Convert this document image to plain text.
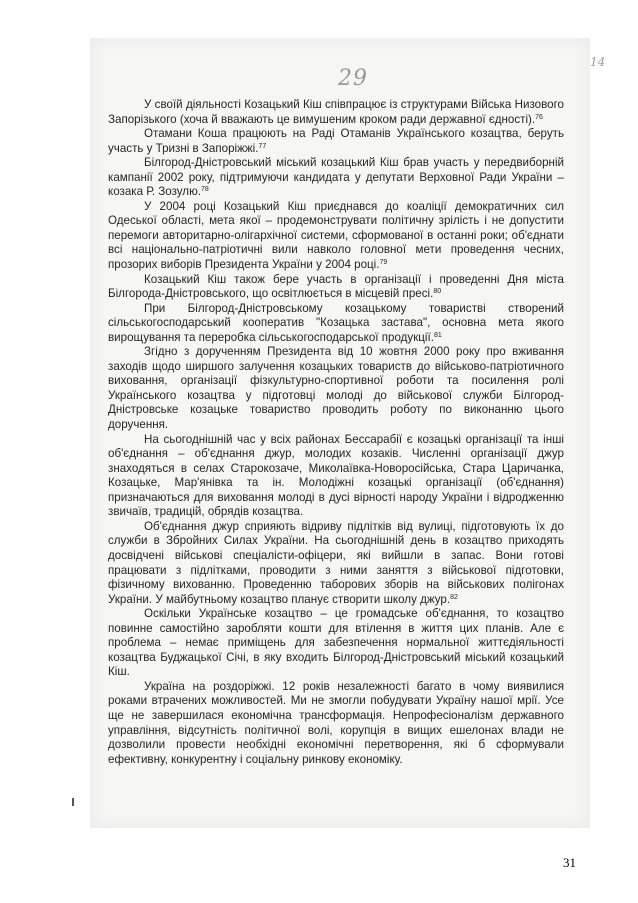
29
14

У своїй діяльності Козацький Кіш співпрацює із структурами Війська Низового Запорізького (хоча й вважають це вимушеним кроком ради державної єдності).$^{76}$

Отамани Коша працюють на Раді Отаманів Українського козацтва, беруть участь у Тризні в Запоріжжі.$^{77}$

Білгород-Дністровський міський козацький Кіш брав участь у передвиборній кампанії 2002 року, підтримуючи кандидата у депутати Верховної Ради України – козака Р. Зозулю.$^{78}$

У 2004 році Козацький Кіш приєднався до коаліції демократичних сил Одеської області, мета якої – продемонструвати політичну зрілість і не допустити перемоги авторитарно-олігархічної системи, сформованої в останні роки; об'єднати всі національно-патріотичні вили навколо головної мети проведення чесних, прозорих виборів Президента України у 2004 році.$^{79}$

Козацький Кіш також бере участь в організації і проведенні Дня міста Білгорода-Дністровського, що освітлюється в місцевій пресі.$^{80}$

При Білгород-Дністровському козацькому товаристві створений сільськогосподарський кооператив "Козацька застава", основна мета якого вирощування та переробка сільськогосподарської продукції.$^{81}$

Згідно з дорученням Президента від 10 жовтня 2000 року про вживання заходів щодо ширшого залучення козацьких товариств до військово-патріотичного виховання, організації фізкультурно-спортивної роботи та посилення ролі Українського козацтва у підготовці молоді до військової служби Білгород-Дністровське козацьке товариство проводить роботу по виконанню цього доручення.

На сьогоднішній час у всіх районах Бессарабії є козацькі організації та інші об'єднання – об'єднання джур, молодих козаків. Численні організації джур знаходяться в селах Старокозаче, Миколаївка-Новоросійська, Стара Царичанка, Козацьке, Мар'янівка та ін. Молодіжні козацькі організації (об'єднання) призначаються для виховання молоді в дусі вірності народу України і відродженню звичаїв, традицій, обрядів козацтва.

Об'єднання джур сприяють відриву підлітків від вулиці, підготовують їх до служби в Збройних Силах України. На сьогоднішній день в козацтво приходять досвідчені військові спеціалісти-офіцери, які вийшли в запас. Вони готові працювати з підлітками, проводити з ними заняття з військової підготовки, фізичному вихованню. Проведенню таборових зборів на військових полігонах України. У майбутньому козацтво планує створити школу джур.$^{82}$

Оскільки Українське козацтво – це громадське об'єднання, то козацтво повинне самостійно заробляти кошти для втілення в життя цих планів. Але є проблема – немає приміщень для забезпечення нормальної життєдіяльності козацтва Буджацької Січі, в яку входить Білгород-Дністровський міський козацький Кіш.

Україна на роздоріжжі. 12 років незалежності багато в чому виявилися роками втрачених можливостей. Ми не змогли побудувати Україну нашої мрії. Усе ще не завершилася економічна трансформація. Непрофесіоналізм державного управління, відсутність політичної волі, корупція в вищих ешелонах влади не дозволили провести необхідні економічні перетворення, які б сформували ефективну, конкурентну і соціальну ринкову економіку.

31
